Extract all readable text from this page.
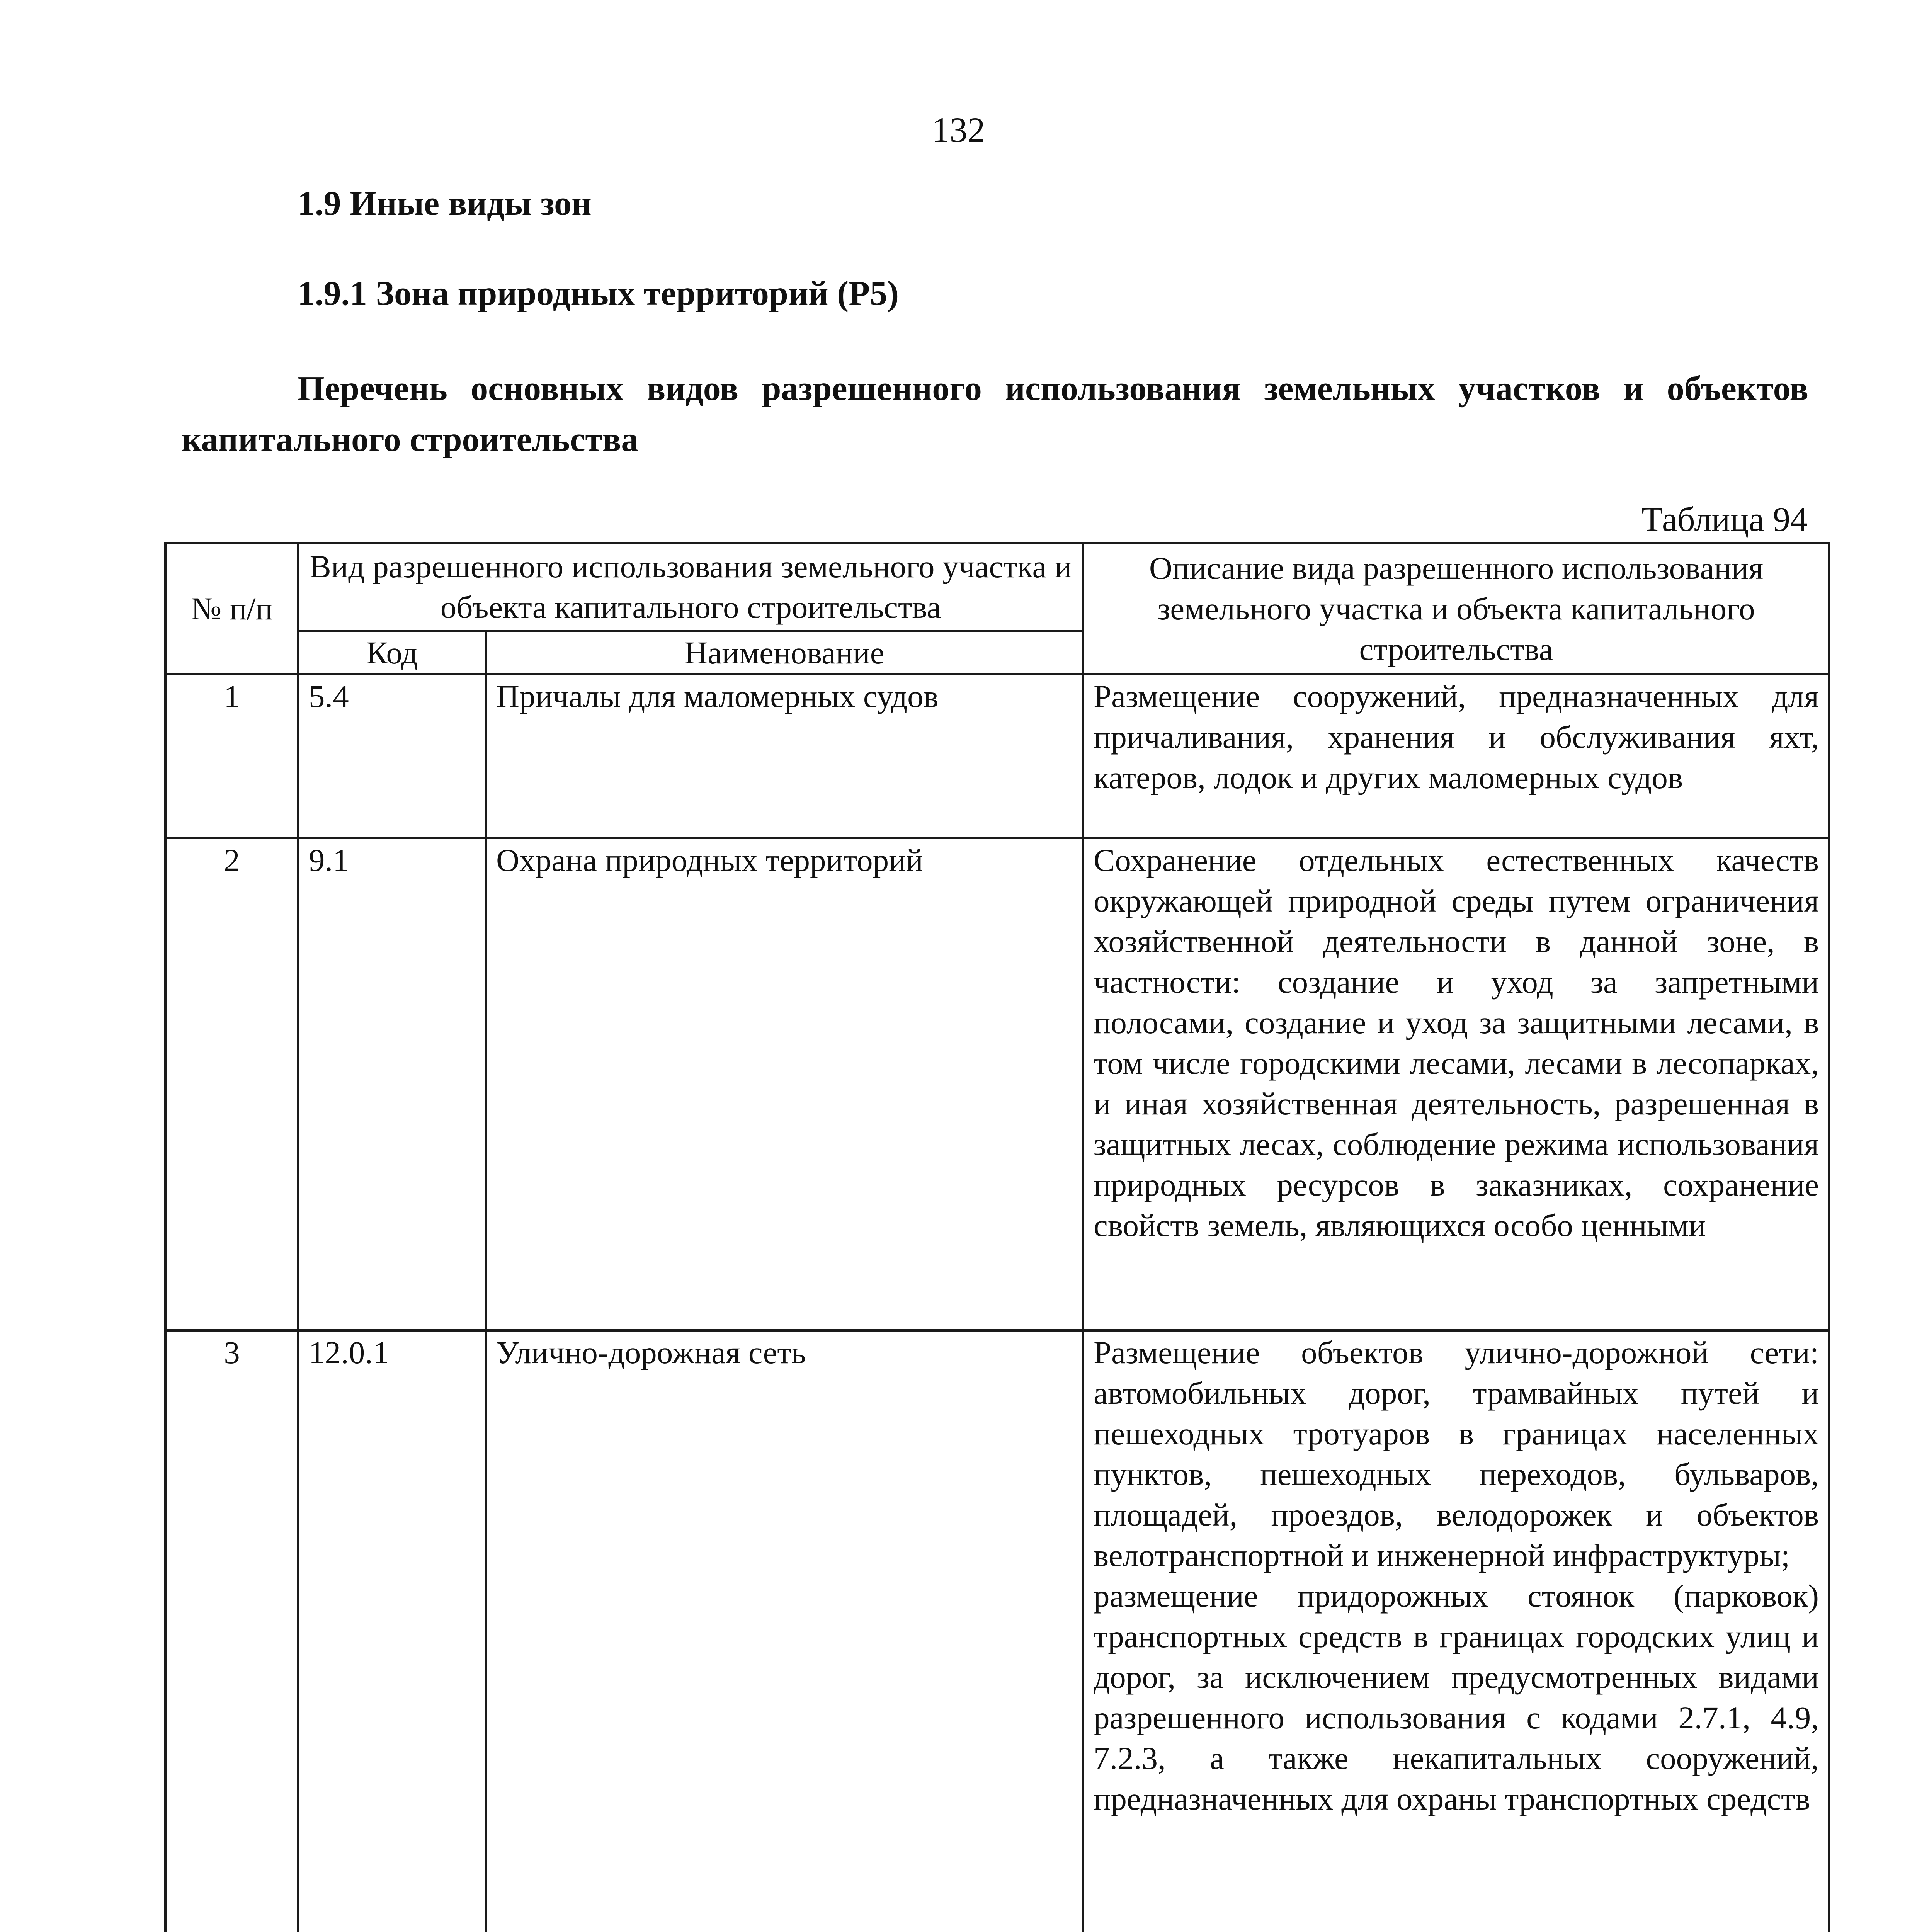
132
1.9 Иные виды зон
1.9.1 Зона природных территорий (Р5)

Перечень основных видов разрешенного использования земельных участков и объектов капитального строительства

Таблица 94
№ п/п	Вид разрешенного использования земельного участка и объекта капитального строительства		Описание вида разрешенного использования земельного участка и объекта капитального строительства
	Код	Наименование	
1	5.4	Причалы для маломерных судов	Размещение сооружений, предназначенных для причаливания, хранения и обслуживания яхт, катеров, лодок и других маломерных судов
2	9.1	Охрана природных территорий	Сохранение отдельных естественных качеств окружающей природной среды путем ограничения хозяйственной деятельности в данной зоне, в частности: создание и уход за запретными полосами, создание и уход за защитными лесами, в том числе городскими лесами, лесами в лесопарках, и иная хозяйственная деятельность, разрешенная в защитных лесах, соблюдение режима использования природных ресурсов в заказниках, сохранение свойств земель, являющихся особо ценными
3	12.0.1	Улично-дорожная сеть	Размещение объектов улично-дорожной сети: автомобильных дорог, трамвайных путей и пешеходных тротуаров в границах населенных пунктов, пешеходных переходов, бульваров, площадей, проездов, велодорожек и объектов велотранспортной и инженерной инфраструктуры;
размещение придорожных стоянок (парковок) транспортных средств в границах городских улиц и дорог, за исключением предусмотренных видами разрешенного использования с кодами 2.7.1, 4.9, 7.2.3, а также некапитальных сооружений, предназначенных для охраны транспортных средств
